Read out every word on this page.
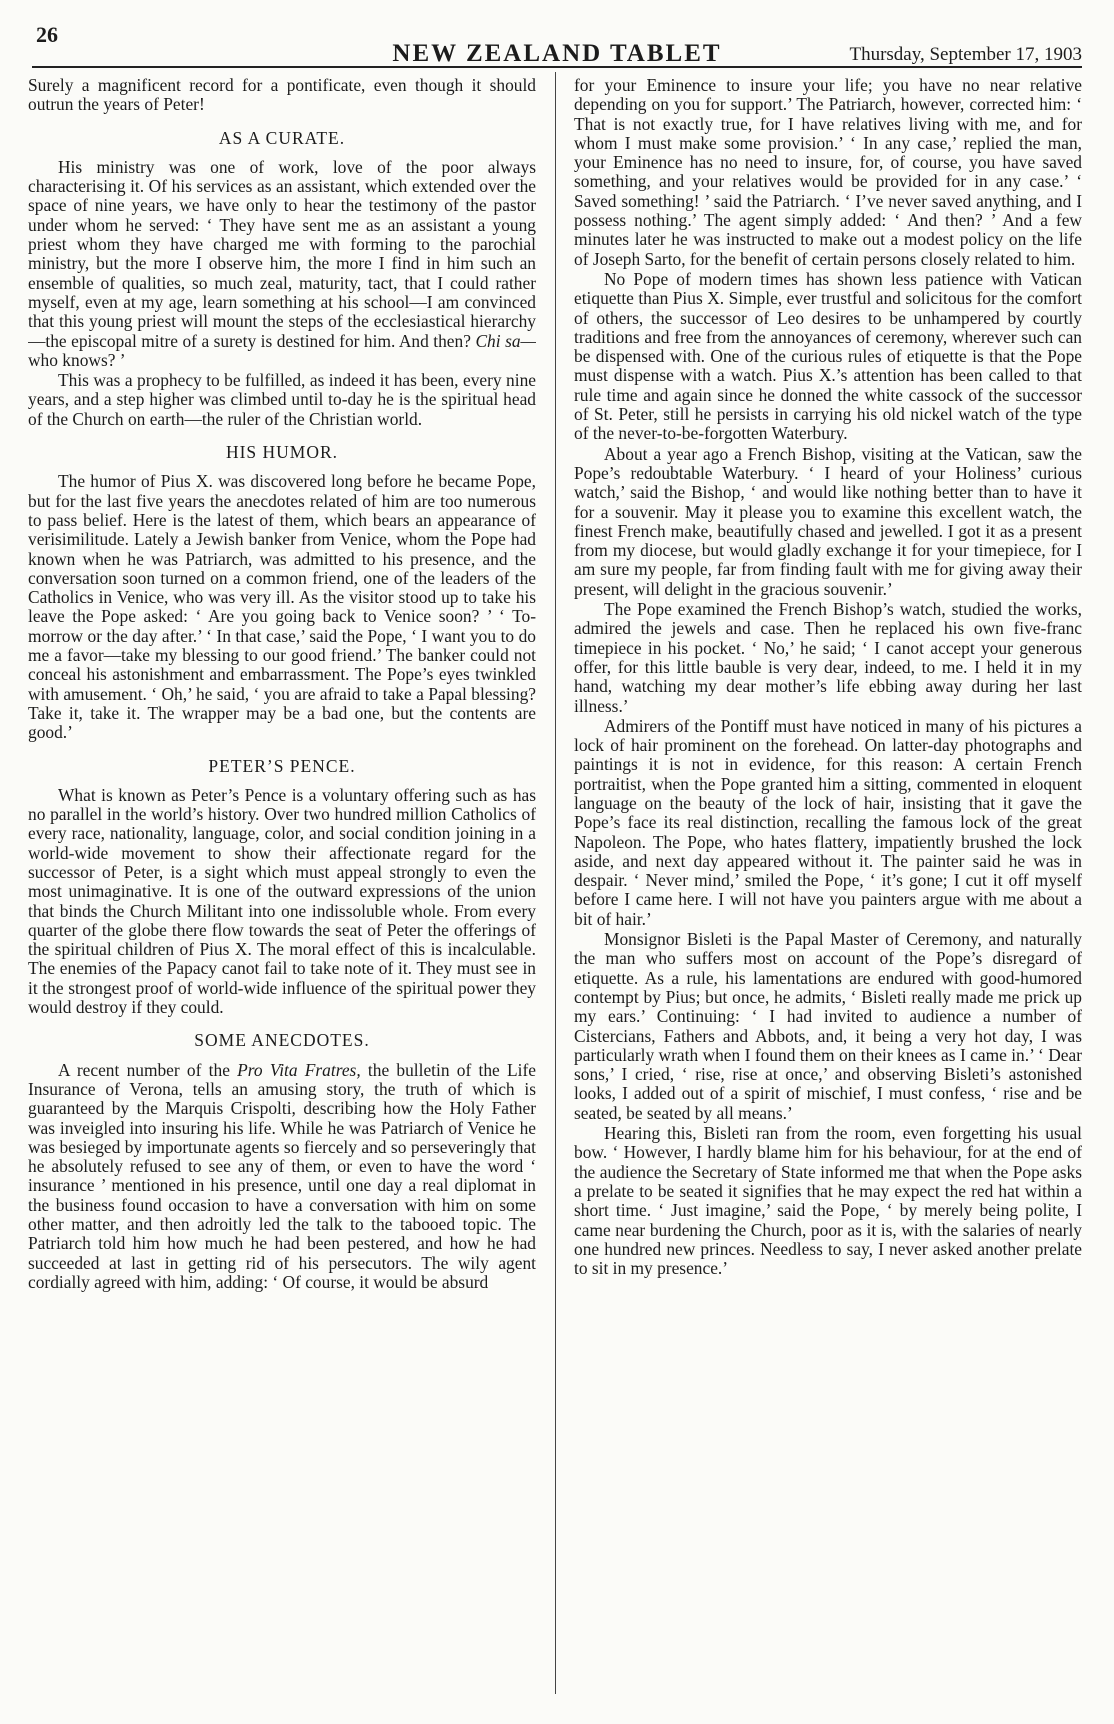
26
NEW ZEALAND TABLET	Thursday, September 17, 1903

Surely a magnificent record for a pontificate, even though it should outrun the years of Peter!

AS A CURATE.

His ministry was one of work, love of the poor always characterising it. Of his services as an assistant, which extended over the space of nine years, we have only to hear the testimony of the pastor under whom he served: ‘ They have sent me as an assistant a young priest whom they have charged me with forming to the parochial ministry, but the more I observe him, the more I find in him such an ensemble of qualities, so much zeal, maturity, tact, that I could rather myself, even at my age, learn something at his school—I am convinced that this young priest will mount the steps of the ecclesiastical hierarchy—the episcopal mitre of a surety is destined for him. And then? Chi sa— who knows? ’

This was a prophecy to be fulfilled, as indeed it has been, every nine years, and a step higher was climbed until to-day he is the spiritual head of the Church on earth—the ruler of the Christian world.

HIS HUMOR.

The humor of Pius X. was discovered long before he became Pope, but for the last five years the anecdotes related of him are too numerous to pass belief. Here is the latest of them, which bears an appearance of verisimilitude. Lately a Jewish banker from Venice, whom the Pope had known when he was Patriarch, was admitted to his presence, and the conversation soon turned on a common friend, one of the leaders of the Catholics in Venice, who was very ill. As the visitor stood up to take his leave the Pope asked: ‘ Are you going back to Venice soon? ’ ‘ To-morrow or the day after.’ ‘ In that case,’ said the Pope, ‘ I want you to do me a favor—take my blessing to our good friend.’ The banker could not conceal his astonishment and embarrassment. The Pope’s eyes twinkled with amusement. ‘ Oh,’ he said, ‘ you are afraid to take a Papal blessing? Take it, take it. The wrapper may be a bad one, but the contents are good.’

PETER’S PENCE.

What is known as Peter’s Pence is a voluntary offering such as has no parallel in the world’s history. Over two hundred million Catholics of every race, nationality, language, color, and social condition joining in a world-wide movement to show their affectionate regard for the successor of Peter, is a sight which must appeal strongly to even the most unimaginative. It is one of the outward expressions of the union that binds the Church Militant into one indissoluble whole. From every quarter of the globe there flow towards the seat of Peter the offerings of the spiritual children of Pius X. The moral effect of this is incalculable. The enemies of the Papacy canot fail to take note of it. They must see in it the strongest proof of world-wide influence of the spiritual power they would destroy if they could.

SOME ANECDOTES.

A recent number of the Pro Vita Fratres, the bulletin of the Life Insurance of Verona, tells an amusing story, the truth of which is guaranteed by the Marquis Crispolti, describing how the Holy Father was inveigled into insuring his life. While he was Patriarch of Venice he was besieged by importunate agents so fiercely and so perseveringly that he absolutely refused to see any of them, or even to have the word ‘ insurance ’ mentioned in his presence, until one day a real diplomat in the business found occasion to have a conversation with him on some other matter, and then adroitly led the talk to the tabooed topic. The Patriarch told him how much he had been pestered, and how he had succeeded at last in getting rid of his persecutors. The wily agent cordially agreed with him, adding: ‘ Of course, it would be absurd

for your Eminence to insure your life; you have no near relative depending on you for support.’ The Patriarch, however, corrected him: ‘ That is not exactly true, for I have relatives living with me, and for whom I must make some provision.’ ‘ In any case,’ replied the man, your Eminence has no need to insure, for, of course, you have saved something, and your relatives would be provided for in any case.’ ‘ Saved something! ’ said the Patriarch. ‘ I’ve never saved anything, and I possess nothing.’ The agent simply added: ‘ And then? ’ And a few minutes later he was instructed to make out a modest policy on the life of Joseph Sarto, for the benefit of certain persons closely related to him.

No Pope of modern times has shown less patience with Vatican etiquette than Pius X. Simple, ever trustful and solicitous for the comfort of others, the successor of Leo desires to be unhampered by courtly traditions and free from the annoyances of ceremony, wherever such can be dispensed with. One of the curious rules of etiquette is that the Pope must dispense with a watch. Pius X.’s attention has been called to that rule time and again since he donned the white cassock of the successor of St. Peter, still he persists in carrying his old nickel watch of the type of the never-to-be-forgotten Waterbury.

About a year ago a French Bishop, visiting at the Vatican, saw the Pope’s redoubtable Waterbury. ‘ I heard of your Holiness’ curious watch,’ said the Bishop, ‘ and would like nothing better than to have it for a souvenir. May it please you to examine this excellent watch, the finest French make, beautifully chased and jewelled. I got it as a present from my diocese, but would gladly exchange it for your timepiece, for I am sure my people, far from finding fault with me for giving away their present, will delight in the gracious souvenir.’

The Pope examined the French Bishop’s watch, studied the works, admired the jewels and case. Then he replaced his own five-franc timepiece in his pocket. ‘ No,’ he said; ‘ I canot accept your generous offer, for this little bauble is very dear, indeed, to me. I held it in my hand, watching my dear mother’s life ebbing away during her last illness.’

Admirers of the Pontiff must have noticed in many of his pictures a lock of hair prominent on the forehead. On latter-day photographs and paintings it is not in evidence, for this reason: A certain French portraitist, when the Pope granted him a sitting, commented in eloquent language on the beauty of the lock of hair, insisting that it gave the Pope’s face its real distinction, recalling the famous lock of the great Napoleon. The Pope, who hates flattery, impatiently brushed the lock aside, and next day appeared without it. The painter said he was in despair. ‘ Never mind,’ smiled the Pope, ‘ it’s gone; I cut it off myself before I came here. I will not have you painters argue with me about a bit of hair.’

Monsignor Bisleti is the Papal Master of Ceremony, and naturally the man who suffers most on account of the Pope’s disregard of etiquette. As a rule, his lamentations are endured with good-humored contempt by Pius; but once, he admits, ‘ Bisleti really made me prick up my ears.’ Continuing: ‘ I had invited to audience a number of Cistercians, Fathers and Abbots, and, it being a very hot day, I was particularly wrath when I found them on their knees as I came in.’ ‘ Dear sons,’ I cried, ‘ rise, rise at once,’ and observing Bisleti’s astonished looks, I added out of a spirit of mischief, I must confess, ‘ rise and be seated, be seated by all means.’

Hearing this, Bisleti ran from the room, even forgetting his usual bow. ‘ However, I hardly blame him for his behaviour, for at the end of the audience the Secretary of State informed me that when the Pope asks a prelate to be seated it signifies that he may expect the red hat within a short time. ‘ Just imagine,’ said the Pope, ‘ by merely being polite, I came near burdening the Church, poor as it is, with the salaries of nearly one hundred new princes. Needless to say, I never asked another prelate to sit in my presence.’
